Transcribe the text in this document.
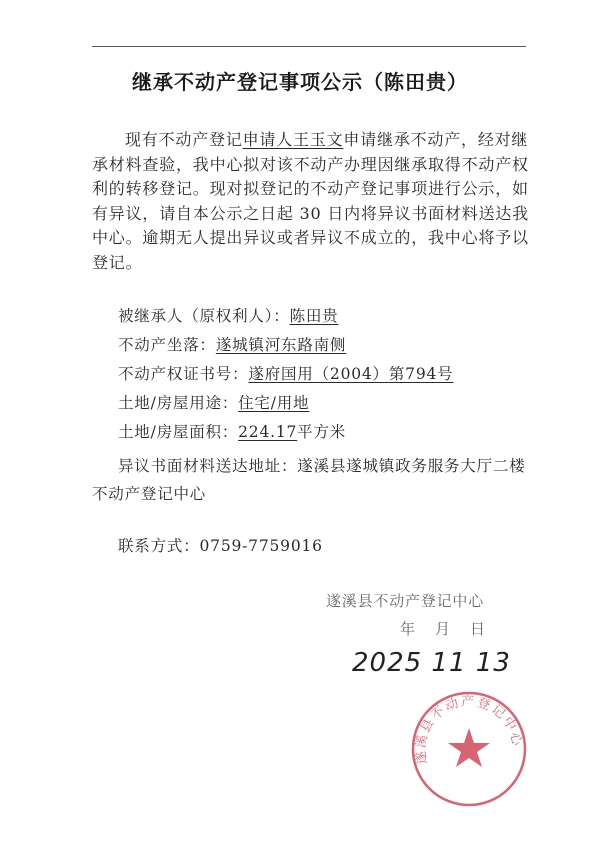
继承不动产登记事项公示（陈田贵）
现有不动产登记申请人王玉文申请继承不动产，经对继承材料查验，我中心拟对该不动产办理因继承取得不动产权利的转移登记。现对拟登记的不动产登记事项进行公示，如有异议，请自本公示之日起 30 日内将异议书面材料送达我中心。逾期无人提出异议或者异议不成立的，我中心将予以登记。
被继承人（原权利人）：陈田贵
不动产坐落：遂城镇河东路南侧
不动产权证书号：遂府国用（2004）第794号
土地/房屋用途：住宅/用地
土地/房屋面积：224.17平方米
异议书面材料送达地址：遂溪县遂城镇政务服务大厅二楼不动产登记中心
联系方式：0759-7759016
遂溪县不动产登记中心
年月日
2025 11 13
遂溪县不动产登记中心
